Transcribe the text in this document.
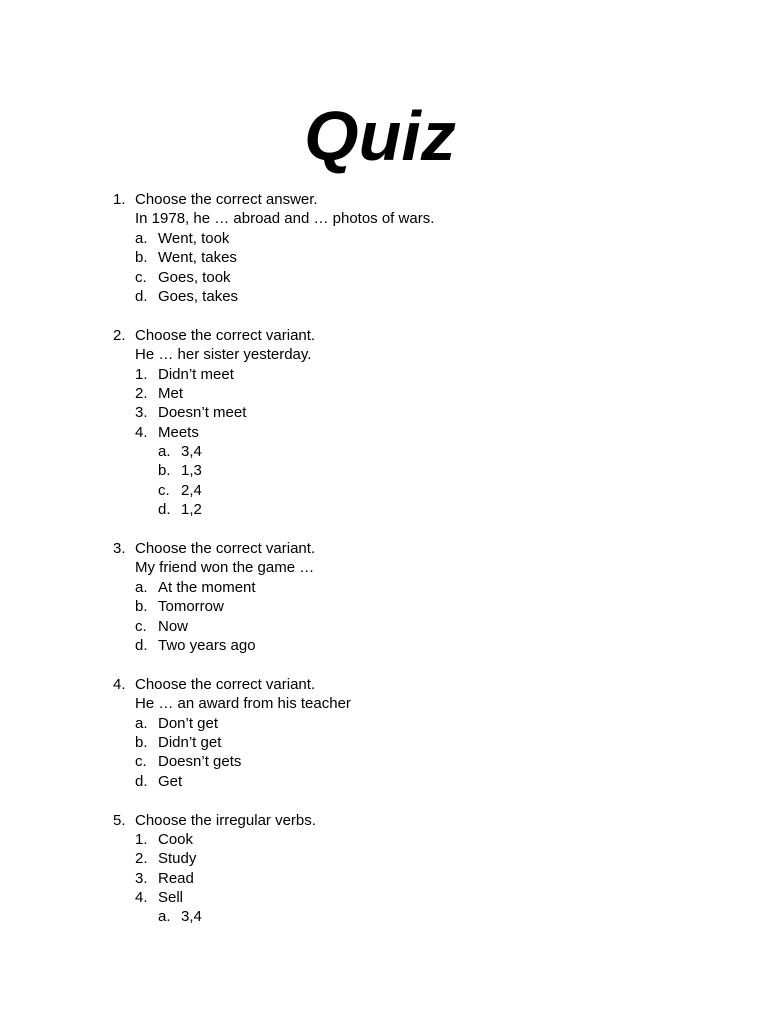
Quiz
1. Choose the correct answer.
In 1978, he … abroad and … photos of wars.
a. Went, took
b. Went, takes
c. Goes, took
d. Goes, takes
2. Choose the correct variant.
He … her sister yesterday.
1. Didn’t meet
2. Met
3. Doesn’t meet
4. Meets
a. 3,4
b. 1,3
c. 2,4
d. 1,2
3. Choose the correct variant.
My friend won the game …
a. At the moment
b. Tomorrow
c. Now
d. Two years ago
4. Choose the correct variant.
He … an award from his teacher
a. Don’t get
b. Didn’t get
c. Doesn’t gets
d. Get
5. Choose the irregular verbs.
1. Cook
2. Study
3. Read
4. Sell
a. 3,4
